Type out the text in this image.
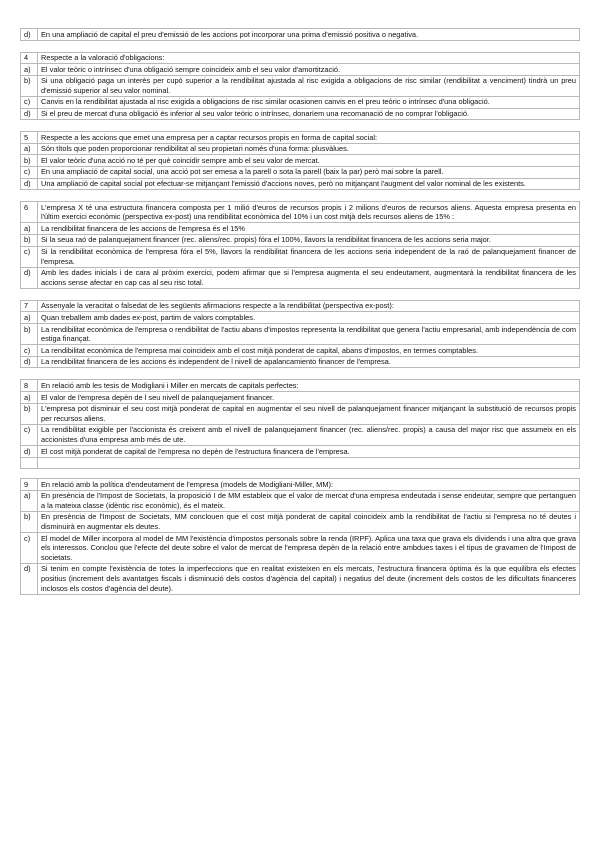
d)	En una ampliació de capital el preu d'emissió de les accions pot incorporar una prima d'emissió positiva o negativa.
4	Respecte a la valoració d'obligacions:
a)	El valor teòric o intrínsec d'una obligació sempre coincideix amb el seu valor d'amortització.
b)	Si una obligació paga un interès per cupó superior a la rendibilitat ajustada al risc exigida a obligacions de risc similar (rendibilitat a venciment) tindrà un preu d'emissió superior al seu valor nominal.
c)	Canvis en la rendibilitat ajustada al risc exigida a obligacions de risc similar ocasionen canvis en el preu teòric o intrínsec d'una obligació.
d)	Si el preu de mercat d'una obligació és inferior al seu valor teòric o intrínsec, donaríem una recomanació de no comprar l'obligació.
5	Respecte a les accions que emet una empresa per a captar recursos propis en forma de capital social:
a)	Són títols que poden proporcionar rendibilitat al seu propietari només d'una forma: plusvàlues.
b)	El valor teòric d'una acció no té per què coincidir sempre amb el seu valor de mercat.
c)	En una ampliació de capital social, una acció pot ser emesa a la parell o sota la parell (baix la par) però mai sobre la parell.
d)	Una ampliació de capital social pot efectuar-se mitjançant l'emissió d'accions noves, però no mitjançant l'augment del valor nominal de les existents.
6	L'empresa X té una estructura financera composta per 1 milió d'euros de recursos propis i 2 milions d'euros de recursos aliens. Aquesta empresa presenta en l'últim exercici econòmic (perspectiva ex-post) una rendibilitat econòmica del 10% i un cost mitjà dels recursos aliens de 15% :
a)	La rendibilitat financera de les accions de l'empresa és el 15%
b)	Si la seua raó de palanquejament financer (rec. aliens/rec. propis) fóra el 100%, llavors la rendibilitat financera de les accions seria major.
c)	Si la rendibilitat econòmica de l'empresa fóra el 5%, llavors la rendibilitat financera de les accions seria independent de la raó de palanquejament financer de l'empresa.
d)	Amb les dades inicials i de cara al pròxim exercici, podem afirmar que si l'empresa augmenta el seu endeutament, augmentarà la rendibilitat financera de les accions sense afectar en cap cas al seu risc total.
7	Assenyale la veracitat o falsedat de les següents afirmacions respecte a la rendibilitat (perspectiva ex-post):
a)	Quan treballem amb dades ex-post, partim de valors comptables.
b)	La rendibilitat econòmica de l'empresa o rendibilitat de l'actiu abans d'impostos representa la rendibilitat que genera l'actiu empresarial, amb independència de com estiga finançat.
c)	La rendibilitat econòmica de l'empresa mai coincideix amb el cost mitjà ponderat de capital, abans d'impostos, en termes comptables.
d)	La rendibilitat financera de les accions és independent de l nivell de apalancamiento financer de l'empresa.
8	En relació amb les tesis de Modigliani i Miller en mercats de capitals perfectes:
a)	El valor de l'empresa depèn de l seu nivell de palanquejament financer.
b)	L'empresa pot disminuir el seu cost mitjà ponderat de capital en augmentar el seu nivell de palanquejament financer mitjançant la substitució de recursos propis per recursos aliens.
c)	La rendibilitat exigible per l'accionista és creixent amb el nivell de palanquejament financer (rec. aliens/rec. propis) a causa del major risc que assumeix en els accionistes d'una empresa amb més de ute.
d)	El cost mitjà ponderat de capital de l'empresa no depèn de l'estructura financera de l'empresa.

9	En relació amb la política d'endeutament de l'empresa (models de Modigliani-Miller, MM):
a)	En presència de l'Impost de Societats, la proposició I de MM estableix que el valor de mercat d'una empresa endeutada i sense endeutar, sempre que pertanguen a la mateixa classe (idèntic risc econòmic), és el mateix.
b)	En presència de l'Impost de Societats, MM conclouen que el cost mitjà ponderat de capital coincideix amb la rendibilitat de l'actiu si l'empresa no té deutes i disminuirà en augmentar els deutes.
c)	El model de Miller incorpora al model de MM l'existència d'impostos personals sobre la renda (IRPF). Aplica una taxa que grava els dividends i una altra que grava els interessos. Conclou que l'efecte del deute sobre el valor de mercat de l'empresa depèn de la relació entre ambdues taxes i el tipus de gravamen de l'Impost de societats.
d)	Si tenim en compte l'existència de totes la imperfeccions que en realitat existeixen en els mercats, l'estructura financera òptima és la que equilibra els efectes positius (increment dels avantatges fiscals i disminució dels costos d'agència del capital) i negatius del deute (increment dels costos de les dificultats financeres inclosos els costos d'agència del deute).
